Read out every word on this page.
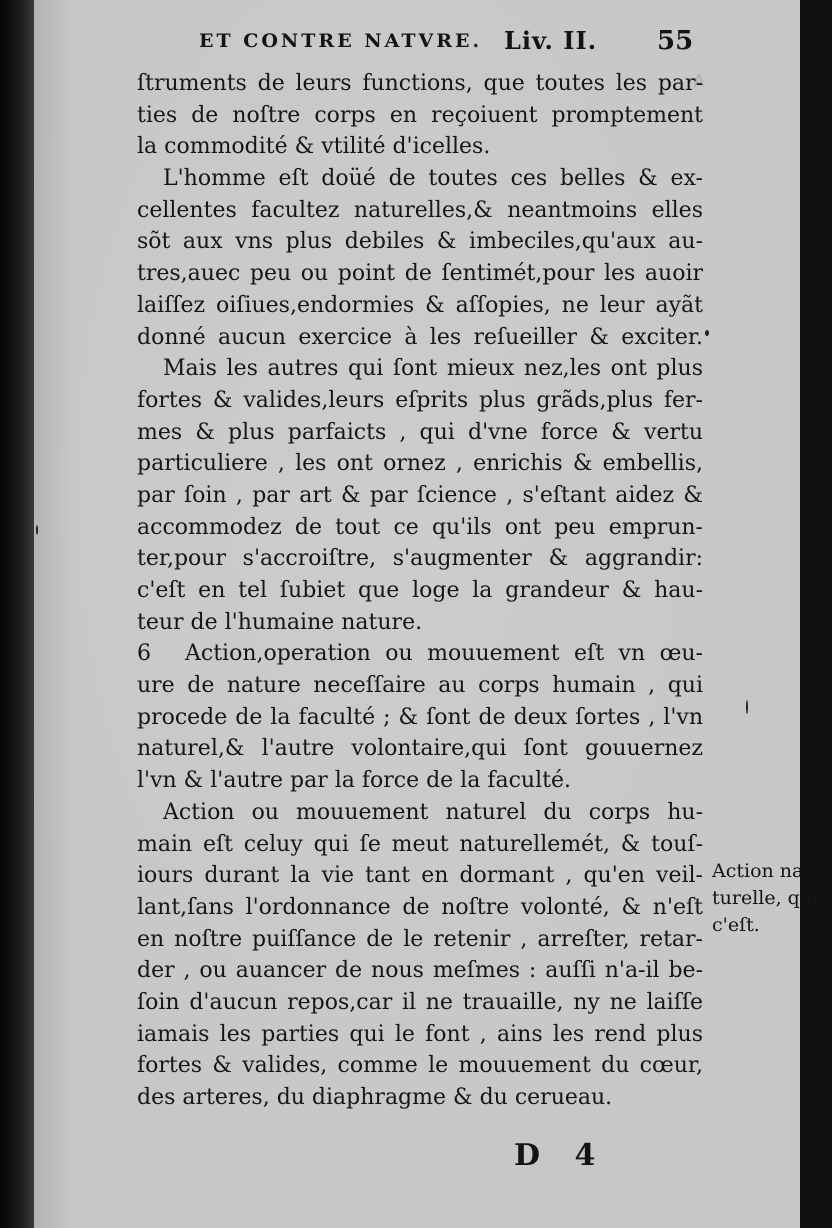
Ꭺ

ET CONTRE NATVRE. Liv. II. 55
ſtruments de leurs functions, que toutes les par-
ties de noſtre corps en reçoiuent promptement
la commodité & vtilité d'icelles.
L'homme eſt doüé de toutes ces belles & ex-
cellentes facultez naturelles,& neantmoins elles
sõt aux vns plus debiles & imbeciles,qu'aux au-
tres,auec peu ou point de ſentimét,pour les auoir
laiſſez oiſiues,endormies & aſſopies, ne leur ayãt
donné aucun exercice à les reſueiller & exciter.
Mais les autres qui ſont mieux nez,les ont plus
fortes & valides,leurs eſprits plus grãds,plus fer-
mes & plus parfaicts , qui d'vne force & vertu
particuliere , les ont ornez , enrichis & embellis,
par ſoin , par art & par ſcience , s'eſtant aidez &
accommodez de tout ce qu'ils ont peu emprun-
ter,pour s'accroiſtre, s'augmenter & aggrandir:
c'eſt en tel ſubiet que loge la grandeur & hau-
teur de l'humaine nature.
6	Action,operation ou mouuement eſt vn œu-
ure de nature neceſſaire au corps humain , qui
procede de la faculté ; & ſont de deux ſortes , l'vn
naturel,& l'autre volontaire,qui ſont gouuernez
l'vn & l'autre par la force de la faculté.
Action ou mouuement naturel du corps hu-
main eſt celuy qui ſe meut naturellemét, & touſ-
iours durant la vie tant en dormant , qu'en veil-
lant,ſans l'ordonnance de noſtre volonté, & n'eſt
en noſtre puiſſance de le retenir , arreſter, retar-
der , ou auancer de nous meſmes : auſſi n'a-il be-
ſoin d'aucun repos,car il ne trauaille, ny ne laiſſe
iamais les parties qui le font , ains les rend plus
fortes & valides, comme le mouuement du cœur,
des arteres, du diaphragme & du cerueau.
Action na-
turelle, que
c'eſt.
D 4
